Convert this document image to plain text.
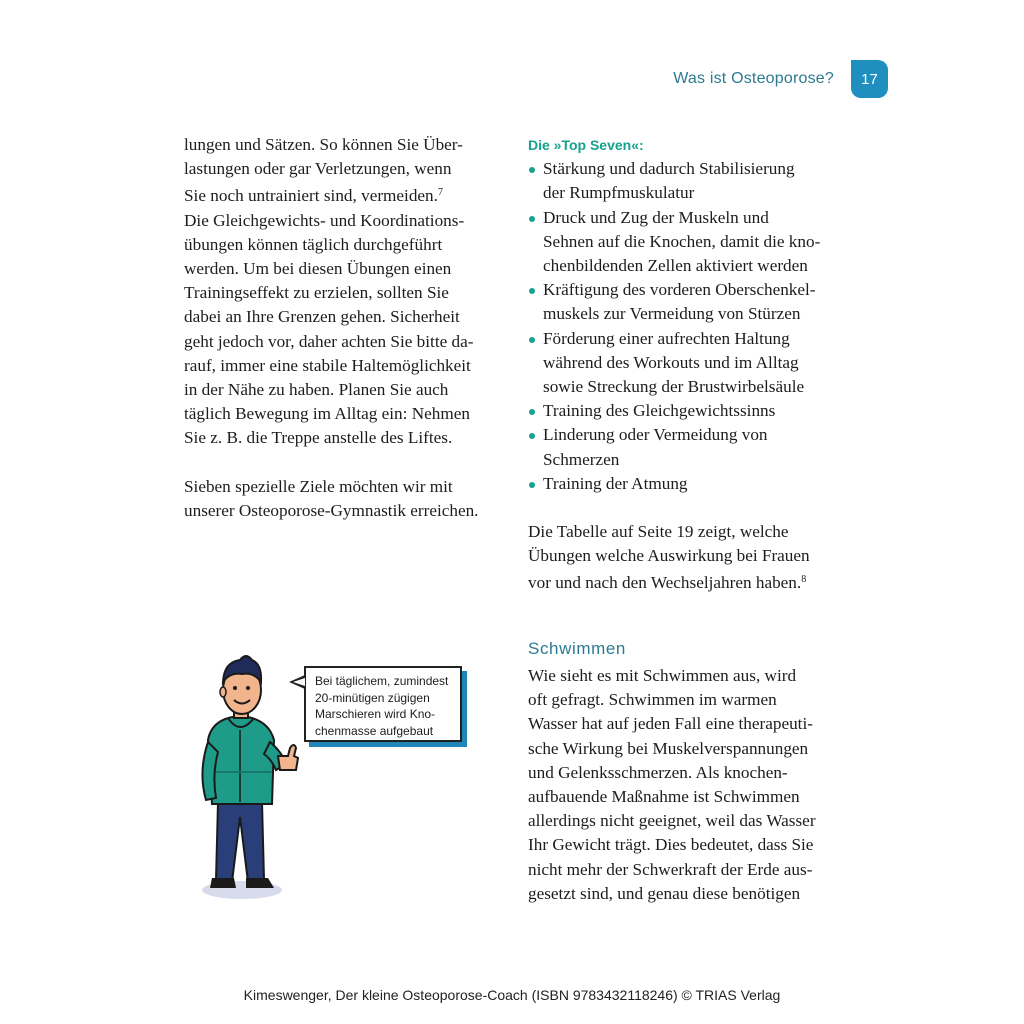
Was ist Osteoporose?	17
lungen und Sätzen. So können Sie Über-
lastungen oder gar Verletzungen, wenn
Sie noch untrainiert sind, vermeiden.$^7$
Die Gleichgewichts- und Koordinations-
übungen können täglich durchgeführt
werden. Um bei diesen Übungen einen
Trainingseffekt zu erzielen, sollten Sie
dabei an Ihre Grenzen gehen. Sicherheit
geht jedoch vor, daher achten Sie bitte da-
rauf, immer eine stabile Haltemöglichkeit
in der Nähe zu haben. Planen Sie auch
täglich Bewegung im Alltag ein: Nehmen
Sie z. B. die Treppe anstelle des Liftes.
Sieben spezielle Ziele möchten wir mit
unserer Osteoporose-Gymnastik erreichen.
Die »Top Seven«:
Stärkung und dadurch Stabilisierung
der Rumpfmuskulatur
Druck und Zug der Muskeln und
Sehnen auf die Knochen, damit die kno-
chenbildenden Zellen aktiviert werden
Kräftigung des vorderen Oberschenkel-
muskels zur Vermeidung von Stürzen
Förderung einer aufrechten Haltung
während des Workouts und im Alltag
sowie Streckung der Brustwirbelsäule
Training des Gleichgewichtssinns
Linderung oder Vermeidung von
Schmerzen
Training der Atmung
Die Tabelle auf Seite 19 zeigt, welche
Übungen welche Auswirkung bei Frauen
vor und nach den Wechseljahren haben.$^8$
Schwimmen
Wie sieht es mit Schwimmen aus, wird
oft gefragt. Schwimmen im warmen
Wasser hat auf jeden Fall eine therapeuti-
sche Wirkung bei Muskelverspannungen
und Gelenksschmerzen. Als knochen-
aufbauende Maßnahme ist Schwimmen
allerdings nicht geeignet, weil das Wasser
Ihr Gewicht trägt. Dies bedeutet, dass Sie
nicht mehr der Schwerkraft der Erde aus-
gesetzt sind, und genau diese benötigen
Bei täglichem, zumindest
20-minütigen zügigen
Marschieren wird Kno-
chenmasse aufgebaut
Kimeswenger, Der kleine Osteoporose-Coach (ISBN 9783432118246) © TRIAS Verlag
